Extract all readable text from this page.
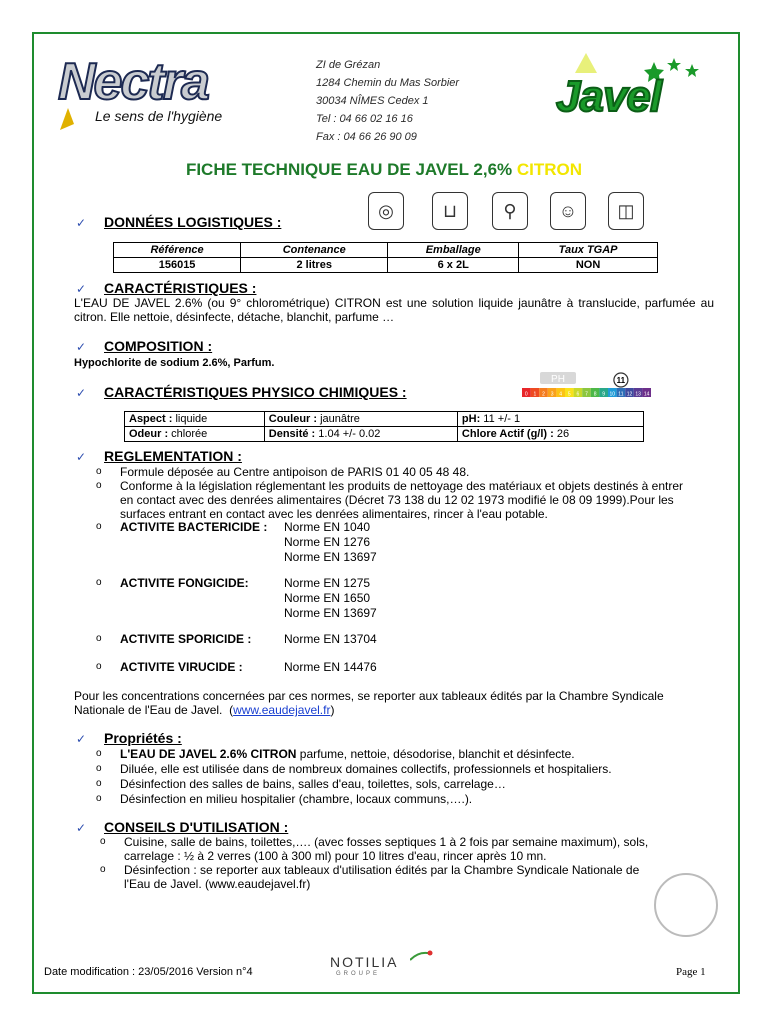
Nectra
Le sens de l'hygiène
ZI de Grézan
1284 Chemin du Mas Sorbier
30034 NÎMES Cedex 1
Tel : 04 66 02 16 16
Fax : 04 66 26 90 09
Javel
FICHE TECHNIQUE EAU DE JAVEL 2,6% CITRON
✓ DONNÉES LOGISTIQUES :
◎	⊔	⚲	☺	◫
Référence	Contenance	Emballage	Taux TGAP
156015	2 litres	6 x 2L	NON
✓ CARACTÉRISTIQUES :
L'EAU DE JAVEL 2.6% (ou 9° chlorométrique) CITRON est une solution liquide jaunâtre à translucide, parfumée au citron. Elle nettoie, désinfecte, détache, blanchit, parfume …
✓ COMPOSITION :
Hypochlorite de sodium 2.6%, Parfum.
✓ CARACTÉRISTIQUES PHYSICO CHIMIQUES :
PH
0 1 2 3 4 5 6 7 8 9 10 11 12 13 14
11
Aspect : liquide	Couleur : jaunâtre	pH: 11 +/- 1
Odeur : chlorée	Densité : 1.04 +/- 0.02	Chlore Actif (g/l) : 26
✓ REGLEMENTATION :
o Formule déposée au Centre antipoison de PARIS 01 40 05 48 48.
o Conforme à la législation réglementant les produits de nettoyage des matériaux et objets destinés à entrer en contact avec des denrées alimentaires (Décret 73 138 du 12 02 1973 modifié le 08 09 1999).Pour les surfaces entrant en contact avec les denrées alimentaires, rincer à l'eau potable.
o ACTIVITE BACTERICIDE : Norme EN 1040
Norme EN 1276
Norme EN 13697
o ACTIVITE FONGICIDE:	Norme EN 1275
Norme EN 1650
Norme EN 13697
o ACTIVITE SPORICIDE :	Norme EN 13704
o ACTIVITE VIRUCIDE :	Norme EN 14476
Pour les concentrations concernées par ces normes, se reporter aux tableaux édités par la Chambre Syndicale Nationale de l'Eau de Javel. (www.eaudejavel.fr)
✓ Propriétés :
o L'EAU DE JAVEL 2.6% CITRON parfume, nettoie, désodorise, blanchit et désinfecte.
o Diluée, elle est utilisée dans de nombreux domaines collectifs, professionnels et hospitaliers.
o Désinfection des salles de bains, salles d'eau, toilettes, sols, carrelage…
o Désinfection en milieu hospitalier (chambre, locaux communs,….).
✓ CONSEILS D'UTILISATION :
o Cuisine, salle de bains, toilettes,…. (avec fosses septiques 1 à 2 fois par semaine maximum), sols, carrelage : ½ à 2 verres (100 à 300 ml) pour 10 litres d'eau, rincer après 10 mn.
o Désinfection : se reporter aux tableaux d'utilisation édités par la Chambre Syndicale Nationale de l'Eau de Javel. (www.eaudejavel.fr)
Date modification : 23/05/2016 Version n°4
NOTILIA
GROUPE	Page 1
